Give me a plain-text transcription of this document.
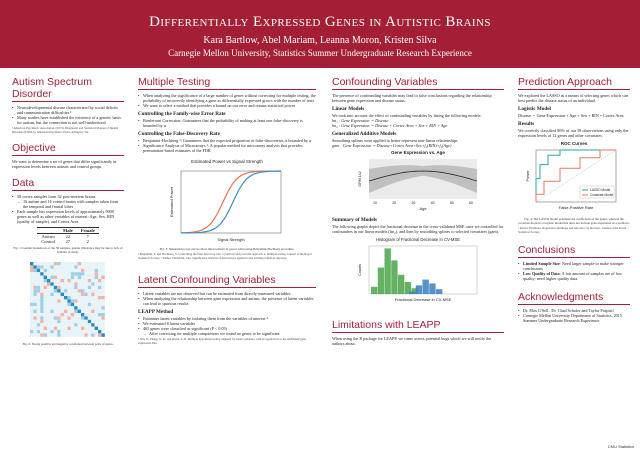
Differentially Expressed Genes in Autistic Brains
Kara Bartlow, Abel Mariam, Leanna Moron, Kristen Silva
Carnegie Mellon University, Statistics Summer Undergraduate Research Experience
Autism Spectrum Disorder
• Neurodevelopmental disease characterized by social deficits and communication difficulties ¹
• Many studies have established the existence of a genetic basis for autism, but the connection is not well-understood

¹ American Psychiatric Association. (2013). Diagnostic and Statistical Manual of Mental Disorders (DSM-5). American Psychiatric Press, Arlington, VA.

Objective

We want to determine a set of genes that differ significantly in expression levels between autistic and control groups.

Data
• 58 cortex samples from 32 post-mortem brains
– 16 autism and 16 control brains with samples taken from the temporal and frontal lobes
• Each sample has expression levels of approximately 9000 genes as well as other variables of interest: Age, Sex, RIN (quality of sample), and Cortex Area
	Male	Female
Autism	22	7
Control	27	2

Fig. 1: Gender breakdown of the 58 samples, gender imbalance may be due to lack of females in study.

Fig. 2: Strong positive and negative correlation between pairs of genes.

Multiple Testing
• When analyzing the significance of a large number of genes without correcting for multiple testing, the probability of incorrectly identifying a gene as differentially expressed grows with the number of tests
• We want to select a method that provides a bound on our error and retains statistical power
Controlling the Family-wise Error Rate
• Bonferroni Correction: Guarantees that the probability of making at least one false-discovery is bounded by α
Controlling the False-Discovery Rate
• Benjamini-Hochberg ²: Guarantees that the expected proportion of false-discoveries is bounded by α
• Significance Analysis of Microarrays ³: A popular method for microarray analysis that provides permutation-based estimates of the FDR
Estimated Power vs Signal Strength
Signal Strength
Estimated Power

Fig. 3: Simulated power curves show improvement in power when using Benjamini-Hochberg procedure.

² Benjamini, Y. and Hochberg, Y. Controlling the false discovery rate: a practical and powerful approach to multiple testing. Journal of the Royal Statistical Society. ³ Tusher, Tibshirani, Chu. Significance analysis of microarrays applied to the ionizing radiation response.

Latent Confounding Variables
• Latent variables are not observed but can be estimated from directly-measured variables
• When analyzing the relationship between gene expression and autism, the presence of latent variables can lead to spurious results
LEAPP Method
• Estimates latent variables by isolating them from the variables of interest ⁴
• We estimated 8 latent variables
• 465 genes were classified as significant (P < 0.05)
– After correcting for multiple comparisons we found no genes to be significant

⁴ Sun, Y., Zhang, N. R., and Owen, A. B. Multiple hypothesis testing adjusted for latent variables, with an application to the AGEMAP gene expression data.

Confounding Variables

The presence of confounding variables may lead to false conclusions regarding the relationship between gene expression and disease status.

Linear Models

We took into account the effect of confounding variables by fitting the following models:

lm₁ : Gene Expression ∼ Disease

lm₂ : Gene Expression ∼ Disease + Cortex Area + Sex + RIN + Age

Generalized Additive Models

Smoothing splines were applied to better represent non-linear relationships

gam : Gene Expression ∼ Disease+Cortex Area+Sex+f₁(RIN)+f₂(Age)

Gene Expression vs. Age
10	20	30	40	50	60
Age
GPM 142
Summary of Models

The following graphs depict the fractional decrease in the cross-validated MSE once we controlled for confounders in our linear models (lm₂), and then by smoothing splines to selected covariates (gam).

Histogram of Fractional Decrease in CV-MSE
Fractional Decrease in CV-MSE
Counts
Limitations with LEAPP

When using the R package for LEAPP, we came across potential bugs which we will notify the authors about.

Prediction Approach

We explored the LASSO as a means of selecting genes which can best predict the disease status of an individual.

Logistic Model

Disease ∼ Gene Expression + Age + Sex + RIN + Cortex Area

Results

We correctly classified 86% of our 58 observations using only the expression levels of 12 genes and other covariates.

ROC Curves
LASSO Model
Covariate Model
False-Positive Rate
Power

Fig. 4: The LASSO model penalizes the coefficients of the genes, whereas the covariate model is a logistic model that does not include gene expression as a predictor.

⁵ Robert Tibshirani. Regression shrinkage and selection via the lasso. Journal of the Royal Statistical Society.

Conclusions
• Limited Sample Size: Need larger sample to make stronger conclusions
• Low Quality of Data: A fair amount of samples are of low quality; need higher quality data.
Acknowledgments
• Dr. Max G'Sell , Dr. Chad Schafer and Taylor Pospisil
• Carnegie Mellon University Department of Statistics, 2015 Summer Undergraduate Research Experience
CMU Statistics
